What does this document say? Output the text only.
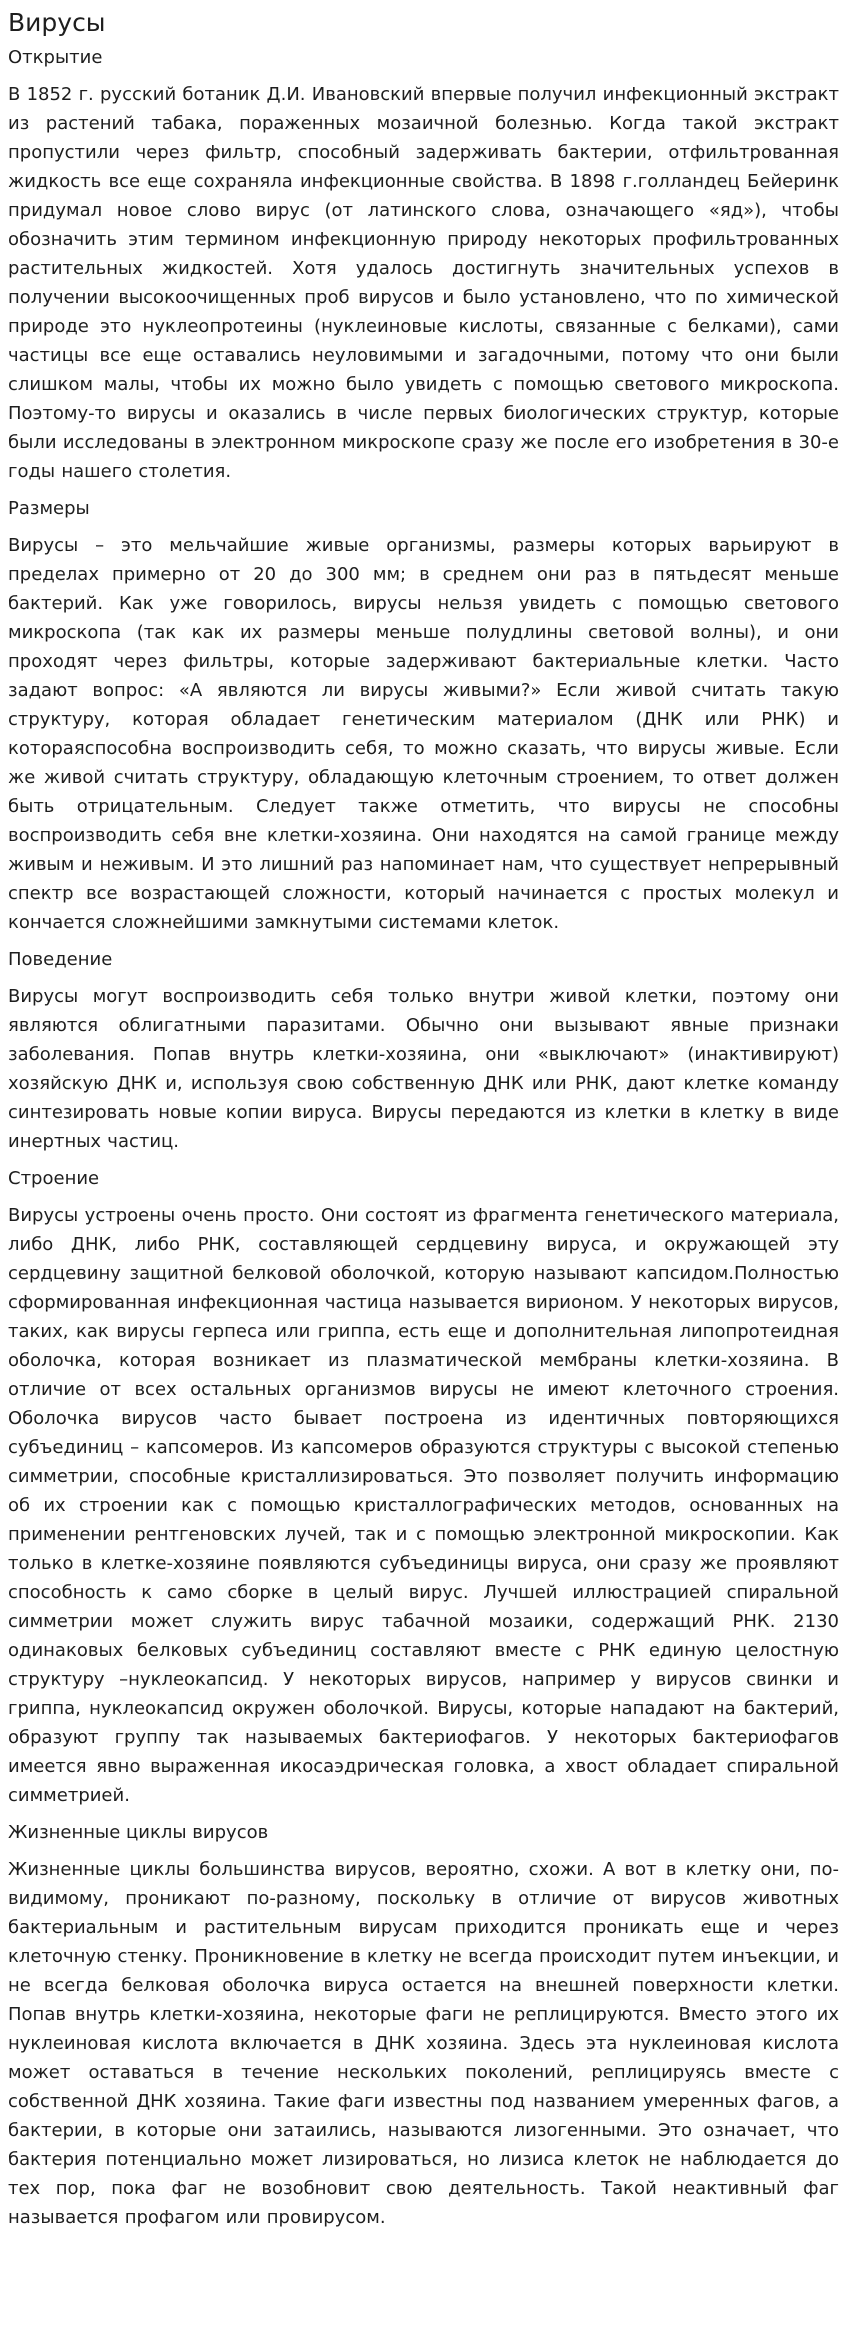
Вирусы
Открытие

В 1852 г. русский ботаник Д.И. Ивановский впервые получил инфекционный экстракт из растений табака, пораженных мозаичной болезнью. Когда такой экстракт пропустили через фильтр, способный задерживать бактерии, отфильтрованная жидкость все еще сохраняла инфекционные свойства. В 1898 г.голландец Бейеринк придумал новое слово вирус (от латинского слова, означающего «яд»), чтобы обозначить этим термином инфекционную природу некоторых профильтрованных растительных жидкостей. Хотя удалось достигнуть значительных успехов в получении высокоочищенных проб вирусов и было установлено, что по химической природе это нуклеопротеины (нуклеиновые кислоты, связанные с белками), сами частицы все еще оставались неуловимыми и загадочными, потому что они были слишком малы, чтобы их можно было увидеть с помощью светового микроскопа. Поэтому-то вирусы и оказались в числе первых биологических структур, которые были исследованы в электронном микроскопе сразу же после его изобретения в 30-е годы нашего столетия.

Размеры

Вирусы – это мельчайшие живые организмы, размеры которых варьируют в пределах примерно от 20 до 300 мм; в среднем они раз в пятьдесят меньше бактерий. Как уже говорилось, вирусы нельзя увидеть с помощью светового микроскопа (так как их размеры меньше полудлины световой волны), и они проходят через фильтры, которые задерживают бактериальные клетки. Часто задают вопрос: «А являются ли вирусы живыми?» Если живой считать такую структуру, которая обладает генетическим материалом (ДНК или РНК) и котораяспособна воспроизводить себя, то можно сказать, что вирусы живые. Если же живой считать структуру, обладающую клеточным строением, то ответ должен быть отрицательным. Следует также отметить, что вирусы не способны воспроизводить себя вне клетки-хозяина. Они находятся на самой границе между живым и неживым. И это лишний раз напоминает нам, что существует непрерывный спектр все возрастающей сложности, который начинается с простых молекул и кончается сложнейшими замкнутыми системами клеток.

Поведение

Вирусы могут воспроизводить себя только внутри живой клетки, поэтому они являются облигатными паразитами. Обычно они вызывают явные признаки заболевания. Попав внутрь клетки-хозяина, они «выключают» (инактивируют) хозяйскую ДНК и, используя свою собственную ДНК или РНК, дают клетке команду синтезировать новые копии вируса. Вирусы передаются из клетки в клетку в виде инертных частиц.

Строение

Вирусы устроены очень просто. Они состоят из фрагмента генетического материала, либо ДНК, либо РНК, составляющей сердцевину вируса, и окружающей эту сердцевину защитной белковой оболочкой, которую называют капсидом.Полностью сформированная инфекционная частица называется вирионом. У некоторых вирусов, таких, как вирусы герпеса или гриппа, есть еще и дополнительная липопротеидная оболочка, которая возникает из плазматической мембраны клетки-хозяина. В отличие от всех остальных организмов вирусы не имеют клеточного строения. Оболочка вирусов часто бывает построена из идентичных повторяющихся субъединиц – капсомеров. Из капсомеров образуются структуры с высокой степенью симметрии, способные кристаллизироваться. Это позволяет получить информацию об их строении как с помощью кристаллографических методов, основанных на применении рентгеновских лучей, так и с помощью электронной микроскопии. Как только в клетке-хозяине появляются субъединицы вируса, они сразу же проявляют способность к само сборке в целый вирус. Лучшей иллюстрацией спиральной симметрии может служить вирус табачной мозаики, содержащий РНК. 2130 одинаковых белковых субъединиц составляют вместе с РНК единую целостную структуру –нуклеокапсид. У некоторых вирусов, например у вирусов свинки и гриппа, нуклеокапсид окружен оболочкой. Вирусы, которые нападают на бактерий, образуют группу так называемых бактериофагов. У некоторых бактериофагов имеется явно выраженная икосаэдрическая головка, а хвост обладает спиральной симметрией.

Жизненные циклы вирусов

Жизненные циклы большинства вирусов, вероятно, схожи. А вот в клетку они, по-видимому, проникают по-разному, поскольку в отличие от вирусов животных бактериальным и растительным вирусам приходится проникать еще и через клеточную стенку. Проникновение в клетку не всегда происходит путем инъекции, и не всегда белковая оболочка вируса остается на внешней поверхности клетки. Попав внутрь клетки-хозяина, некоторые фаги не реплицируются. Вместо этого их нуклеиновая кислота включается в ДНК хозяина. Здесь эта нуклеиновая кислота может оставаться в течение нескольких поколений, реплицируясь вместе с собственной ДНК хозяина. Такие фаги известны под названием умеренных фагов, а бактерии, в которые они затаились, называются лизогенными. Это означает, что бактерия потенциально может лизироваться, но лизиса клеток не наблюдается до тех пор, пока фаг не возобновит свою деятельность. Такой неактивный фаг называется профагом или провирусом.
